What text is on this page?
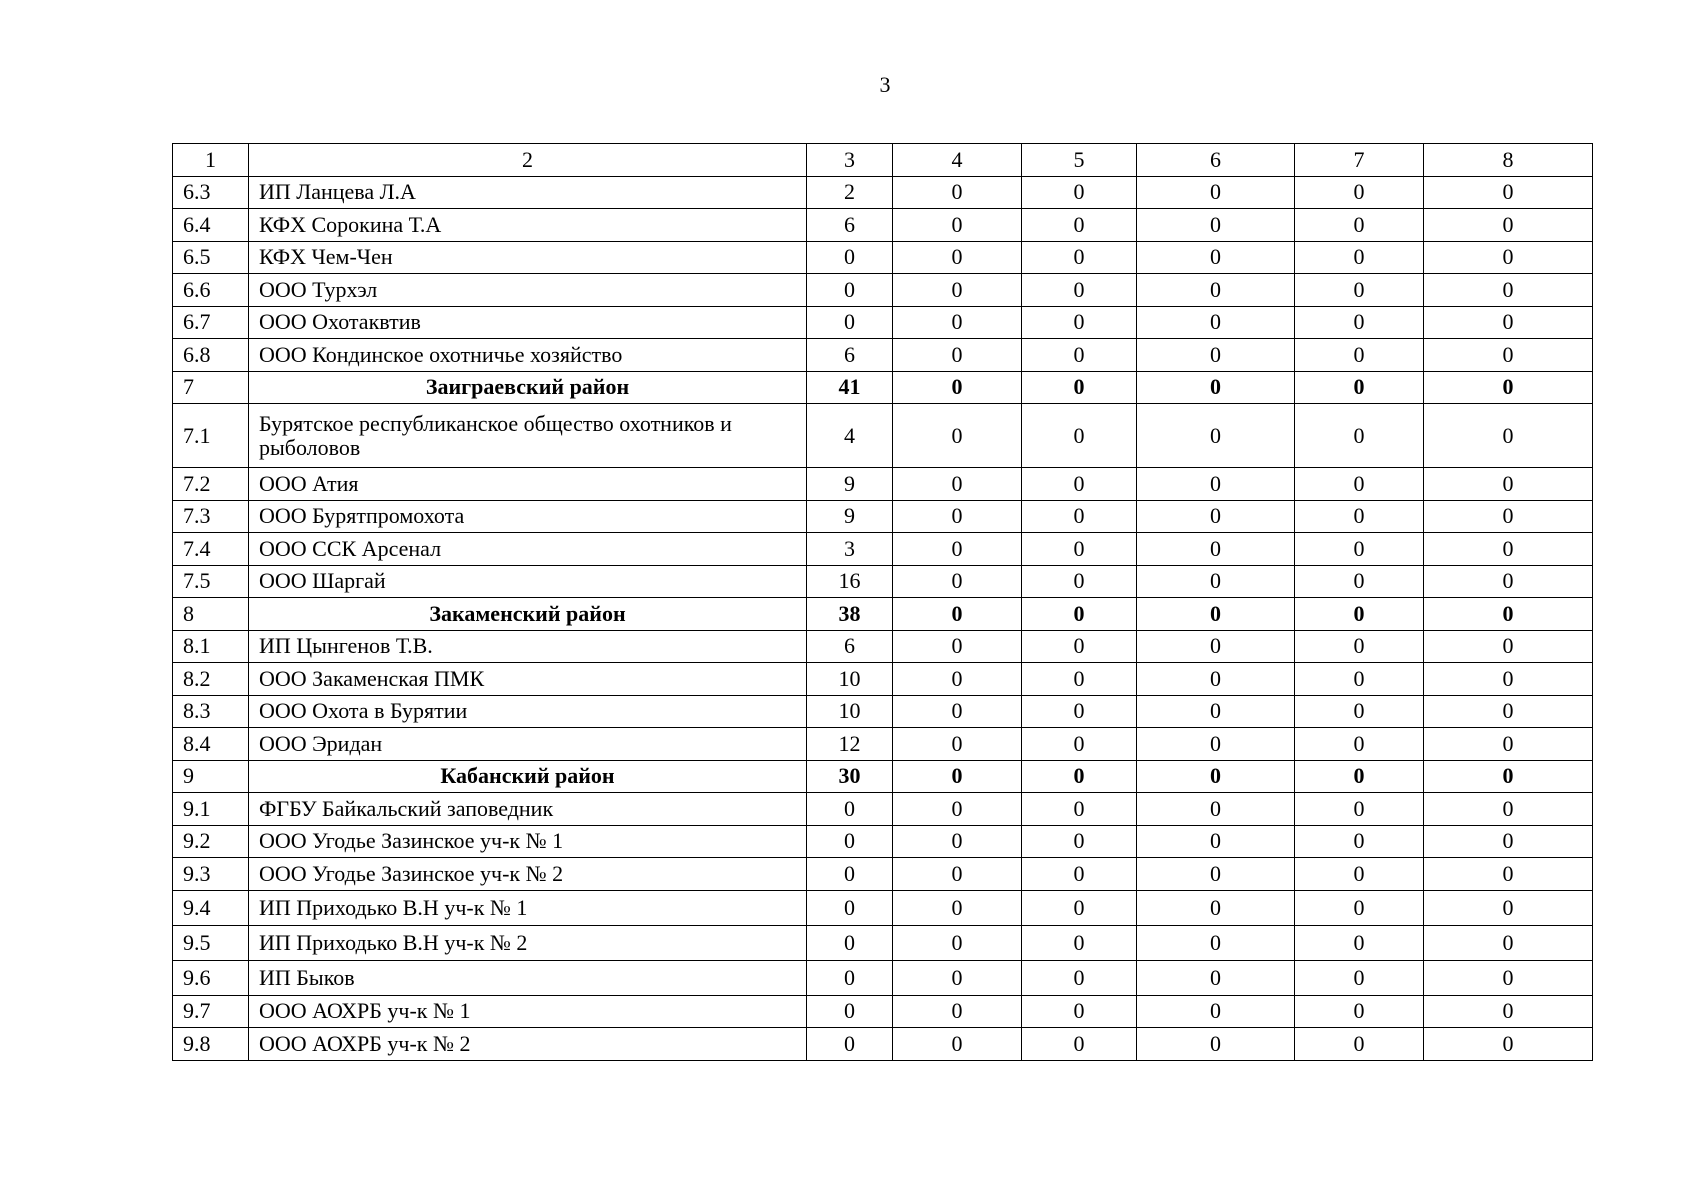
3
1	2	3	4	5	6	7	8
6.3	ИП Ланцева Л.А	2	0	0	0	0	0
6.4	КФХ Сорокина Т.А	6	0	0	0	0	0
6.5	КФХ Чем-Чен	0	0	0	0	0	0
6.6	ООО Турхэл	0	0	0	0	0	0
6.7	ООО Охотаквтив	0	0	0	0	0	0
6.8	ООО Кондинское охотничье хозяйство	6	0	0	0	0	0
7	Заиграевский район	41	0	0	0	0	0
7.1	Бурятское республиканское общество охотников и рыболовов	4	0	0	0	0	0
7.2	ООО Атия	9	0	0	0	0	0
7.3	ООО Бурятпромохота	9	0	0	0	0	0
7.4	ООО ССК Арсенал	3	0	0	0	0	0
7.5	ООО Шаргай	16	0	0	0	0	0
8	Закаменский район	38	0	0	0	0	0
8.1	ИП Цынгенов Т.В.	6	0	0	0	0	0
8.2	ООО Закаменская ПМК	10	0	0	0	0	0
8.3	ООО Охота в Бурятии	10	0	0	0	0	0
8.4	ООО Эридан	12	0	0	0	0	0
9	Кабанский район	30	0	0	0	0	0
9.1	ФГБУ Байкальский заповедник	0	0	0	0	0	0
9.2	ООО Угодье Зазинское уч-к № 1	0	0	0	0	0	0
9.3	ООО Угодье Зазинское уч-к № 2	0	0	0	0	0	0
9.4	ИП Приходько В.Н уч-к № 1	0	0	0	0	0	0
9.5	ИП Приходько В.Н уч-к № 2	0	0	0	0	0	0
9.6	ИП Быков	0	0	0	0	0	0
9.7	ООО АОХРБ уч-к № 1	0	0	0	0	0	0
9.8	ООО АОХРБ уч-к № 2	0	0	0	0	0	0
